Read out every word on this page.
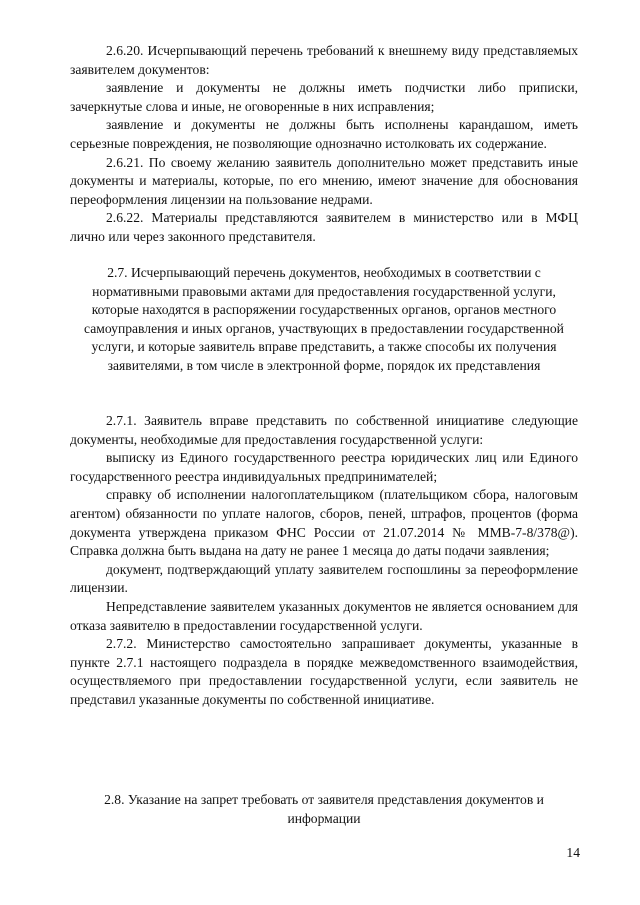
2.6.20. Исчерпывающий перечень требований к внешнему виду представляемых заявителем документов:

заявление и документы не должны иметь подчистки либо приписки, зачеркнутые слова и иные, не оговоренные в них исправления;

заявление и документы не должны быть исполнены карандашом, иметь серьезные повреждения, не позволяющие однозначно истолковать их содержание.

2.6.21. По своему желанию заявитель дополнительно может представить иные документы и материалы, которые, по его мнению, имеют значение для обоснования переоформления лицензии на пользование недрами.

2.6.22. Материалы представляются заявителем в министерство или в МФЦ лично или через законного представителя.

2.7. Исчерпывающий перечень документов, необходимых в соответствии с нормативными правовыми актами для предоставления государственной услуги, которые находятся в распоряжении государственных органов, органов местного самоуправления и иных органов, участвующих в предоставлении государственной услуги, и которые заявитель вправе представить, а также способы их получения заявителями, в том числе в электронной форме, порядок их представления

2.7.1. Заявитель вправе представить по собственной инициативе следующие документы, необходимые для предоставления государственной услуги:

выписку из Единого государственного реестра юридических лиц или Единого государственного реестра индивидуальных предпринимателей;

справку об исполнении налогоплательщиком (плательщиком сбора, налоговым агентом) обязанности по уплате налогов, сборов, пеней, штрафов, процентов (форма документа утверждена приказом ФНС России от 21.07.2014 № ММВ-7-8/378@). Справка должна быть выдана на дату не ранее 1 месяца до даты подачи заявления;

документ, подтверждающий уплату заявителем госпошлины за переоформление лицензии.

Непредставление заявителем указанных документов не является основанием для отказа заявителю в предоставлении государственной услуги.

2.7.2. Министерство самостоятельно запрашивает документы, указанные в пункте 2.7.1 настоящего подраздела в порядке межведомственного взаимодействия, осуществляемого при предоставлении государственной услуги, если заявитель не представил указанные документы по собственной инициативе.

2.8. Указание на запрет требовать от заявителя представления документов и информации

14
